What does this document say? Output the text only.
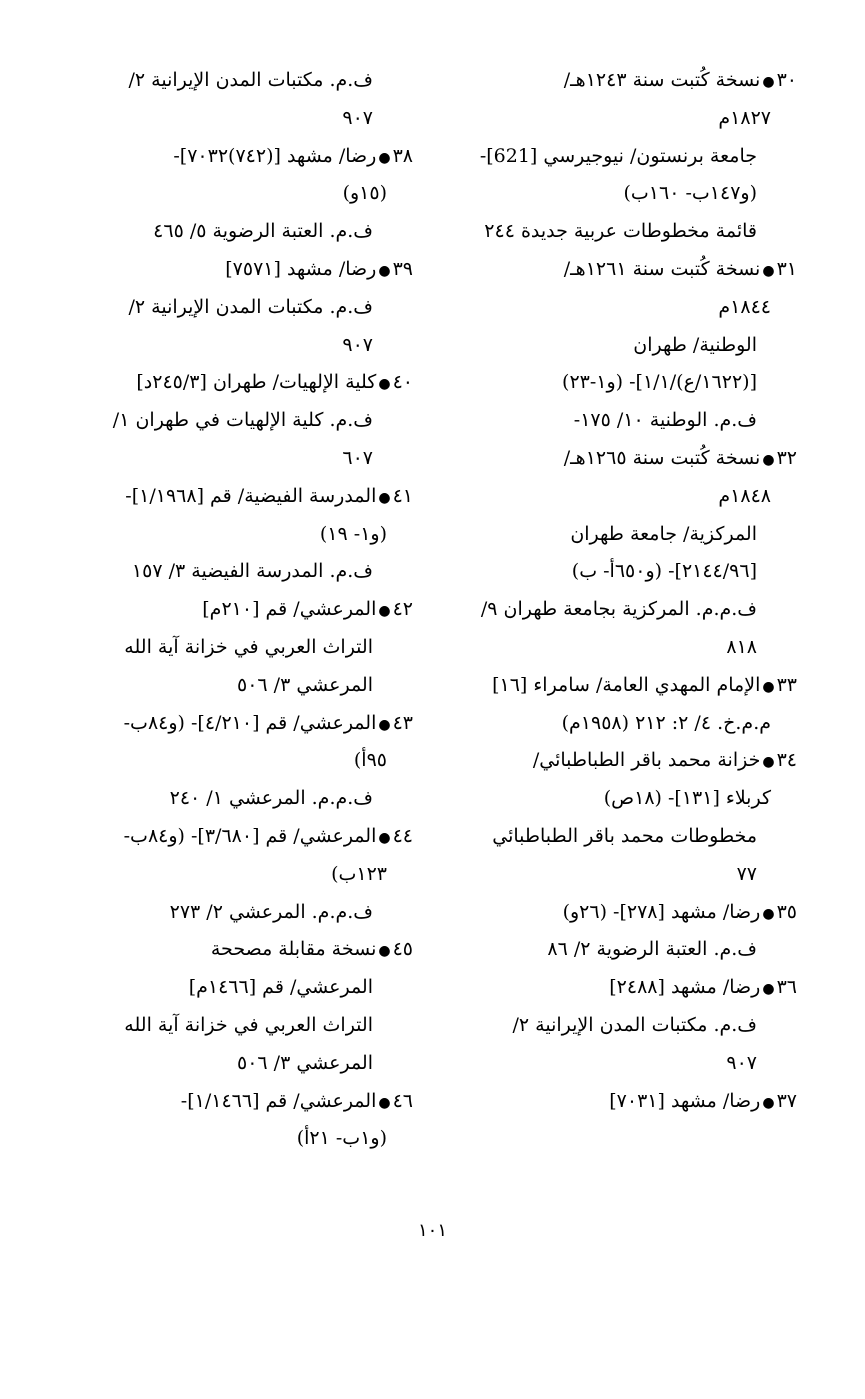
٣٠●نسخة كُتبت سنة ١٢٤٣هـ/
١٨٢٧م
جامعة برنستون/ نيوجيرسي [621]-
(و١٤٧ب- ١٦٠ب)
قائمة مخطوطات عربية جديدة ٢٤٤
٣١●نسخة كُتبت سنة ١٢٦١هـ/
١٨٤٤م
الوطنية/ طهران
[(١٦٢٢/ع)/١/١]- (و١-٢٣)
ف.م. الوطنية ١٠/ ١٧٥-
٣٢●نسخة كُتبت سنة ١٢٦٥هـ/
١٨٤٨م
المركزية/ جامعة طهران
[٢١٤٤/٩٦]- (و٦٥٠أ- ب)
ف.م.م. المركزية بجامعة طهران ٩/
٨١٨
٣٣●الإمام المهدي العامة/ سامراء [١٦]
م.م.خ. ٤/ ٢: ٢١٢ (١٩٥٨م)
٣٤●خزانة محمد باقر الطباطبائي/
كربلاء [١٣١]- (١٨ص)
مخطوطات محمد باقر الطباطبائي
٧٧
٣٥●رضا/ مشهد [٢٧٨]- (٢٦و)
ف.م. العتبة الرضوية ٢/ ٨٦
٣٦●رضا/ مشهد [٢٤٨٨]
ف.م. مكتبات المدن الإيرانية ٢/
٩٠٧
٣٧●رضا/ مشهد [٧٠٣١]
ف.م. مكتبات المدن الإيرانية ٢/
٩٠٧
٣٨●رضا/ مشهد [(٧٤٢)٧٠٣٢]-
(١٥و)
ف.م. العتبة الرضوية ٥/ ٤٦٥
٣٩●رضا/ مشهد [٧٥٧١]
ف.م. مكتبات المدن الإيرانية ٢/
٩٠٧
٤٠●كلية الإلهيات/ طهران [٢٤٥/٣د]
ف.م. كلية الإلهيات في طهران ١/
٦٠٧
٤١●المدرسة الفيضية/ قم [١/١٩٦٨]-
(و١- ١٩)
ف.م. المدرسة الفيضية ٣/ ١٥٧
٤٢●المرعشي/ قم [٢١٠م]
التراث العربي في خزانة آية الله
المرعشي ٣/ ٥٠٦
٤٣●المرعشي/ قم [٤/٢١٠]- (و٨٤ب-
٩٥أ)
ف.م.م. المرعشي ١/ ٢٤٠
٤٤●المرعشي/ قم [٣/٦٨٠]- (و٨٤ب-
١٢٣ب)
ف.م.م. المرعشي ٢/ ٢٧٣
٤٥●نسخة مقابلة مصححة
المرعشي/ قم [١٤٦٦م]
التراث العربي في خزانة آية الله
المرعشي ٣/ ٥٠٦
٤٦●المرعشي/ قم [١/١٤٦٦]-
(و١ب- ٢١أ)
١٠١
